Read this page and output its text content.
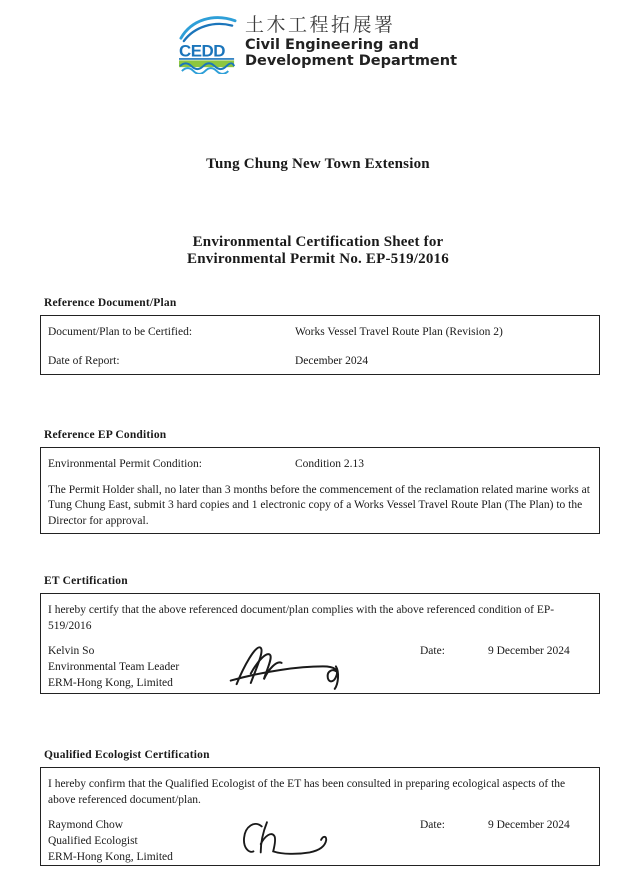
CEDD
土木工程拓展署
Civil Engineering and
Development Department
Tung Chung New Town Extension
Environmental Certification Sheet for
Environmental Permit No. EP-519/2016
Reference Document/Plan
Document/Plan to be Certified:	Works Vessel Travel Route Plan (Revision 2)
Date of Report:	December 2024
Reference EP Condition
Environmental Permit Condition:	Condition 2.13
The Permit Holder shall, no later than 3 months before the commencement of the reclamation related marine works at Tung Chung East, submit 3 hard copies and 1 electronic copy of a Works Vessel Travel Route Plan (The Plan) to the Director for approval.
ET Certification
I hereby certify that the above referenced document/plan complies with the above referenced condition of EP-519/2016
Kelvin So
Environmental Team Leader
ERM-Hong Kong, Limited
Date:	9 December 2024
Qualified Ecologist Certification
I hereby confirm that the Qualified Ecologist of the ET has been consulted in preparing ecological aspects of the above referenced document/plan.
Raymond Chow
Qualified Ecologist
ERM-Hong Kong, Limited
Date:	9 December 2024
